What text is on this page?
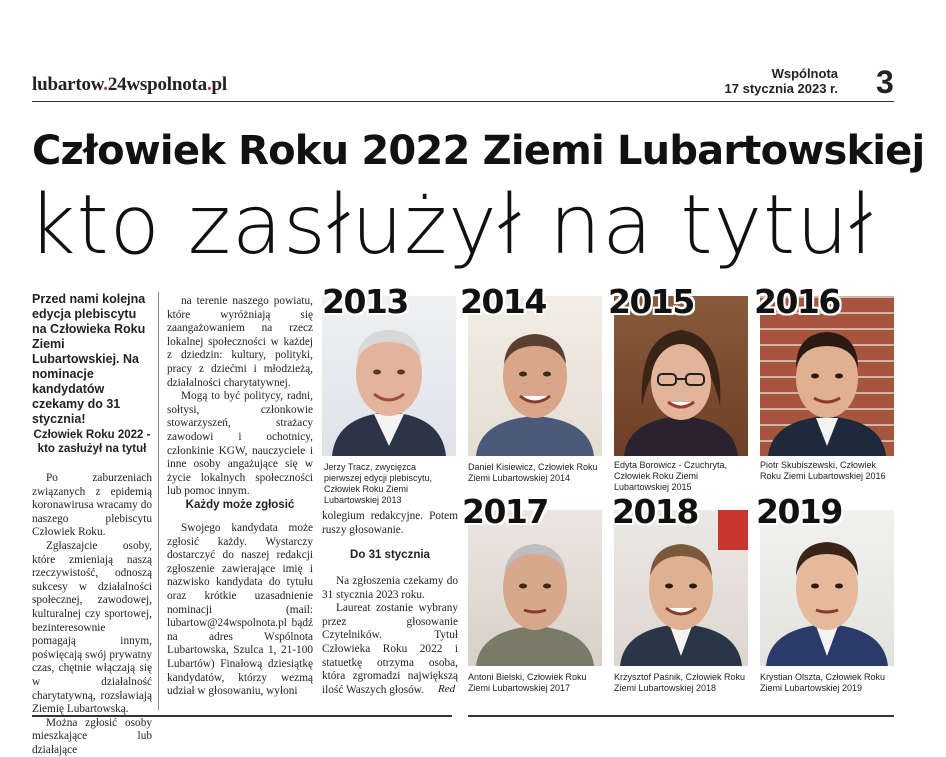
lubartow.24wspolnota.pl
Wspólnota
17 stycznia 2023 r. 3
Człowiek Roku 2022 Ziemi Lubartowskiej
kto zasłużył na tytuł
Przed nami kolejna edycja plebiscytu na Człowieka Roku Ziemi Lubartowskiej. Na nominacje kandydatów czekamy do 31 stycznia!
Człowiek Roku 2022 - kto zasłużył na tytuł

Po zaburzeniach związanych z epidemią koronawirusa wracamy do naszego plebiscytu Człowiek Roku.

Zgłaszajcie osoby, które zmieniają naszą rzeczywistość, odnoszą sukcesy w działalności społecznej, zawodowej, kulturalnej czy sportowej, bezinteresownie pomagają innym, poświęcają swój prywatny czas, chętnie włączają się w działalność charytatywną, rozsławiają Ziemię Lubartowską.

Można zgłosić osoby mieszkające lub działające

na terenie naszego powiatu, które wyróżniają się zaangażowaniem na rzecz lokalnej społeczności w każdej z dziedzin: kultury, polityki, pracy z dziećmi i młodzieżą, działalności charytatywnej.

Mogą to być politycy, radni, sołtysi, członkowie stowarzyszeń, strażacy zawodowi i ochotnicy, członkinie KGW, nauczyciele i inne osoby angażujące się w życie lokalnych społeczności lub pomoc innym.

Każdy może zgłosić

Swojego kandydata może zgłosić każdy. Wystarczy dostarczyć do naszej redakcji zgłoszenie zawierające imię i nazwisko kandydata do tytułu oraz krótkie uzasadnienie nominacji (mail: lubartow@24wspolnota.pl bądź na adres Wspólnota Lubartowska, Szulca 1, 21-100 Lubartów) Finałową dziesiątkę kandydatów, którzy wezmą udział w głosowaniu, wyłoni

kolegium redakcyjne. Potem ruszy głosowanie.

Do 31 stycznia

Na zgłoszenia czekamy do 31 stycznia 2023 roku.

Laureat zostanie wybrany przez głosowanie Czytelników. Tytuł Człowieka Roku 2022 i statuetkę otrzyma osoba, która zgromadzi największą ilość Waszych głosów.	Red
2013
Jerzy Tracz, zwycięzca pierwszej edycji plebiscytu, Człowiek Roku Ziemi Lubartowskiej 2013
2014
Daniel Kisiewicz, Człowiek Roku Ziemi Lubartowskiej 2014
2015
Edyta Borowicz - Czuchryta, Człowiek Roku Ziemi Lubartowskiej 2015
2016
Piotr Skubiszewski, Człowiek Roku Ziemi Lubartowskiej 2016
2017
Antoni Bielski, Człowiek Roku Ziemi Lubartowskiej 2017
2018
Krzysztof Paśnik, Człowiek Roku Ziemi Lubartowskiej 2018
2019
Krystian Olszta, Człowiek Roku Ziemi Lubartowskiej 2019
